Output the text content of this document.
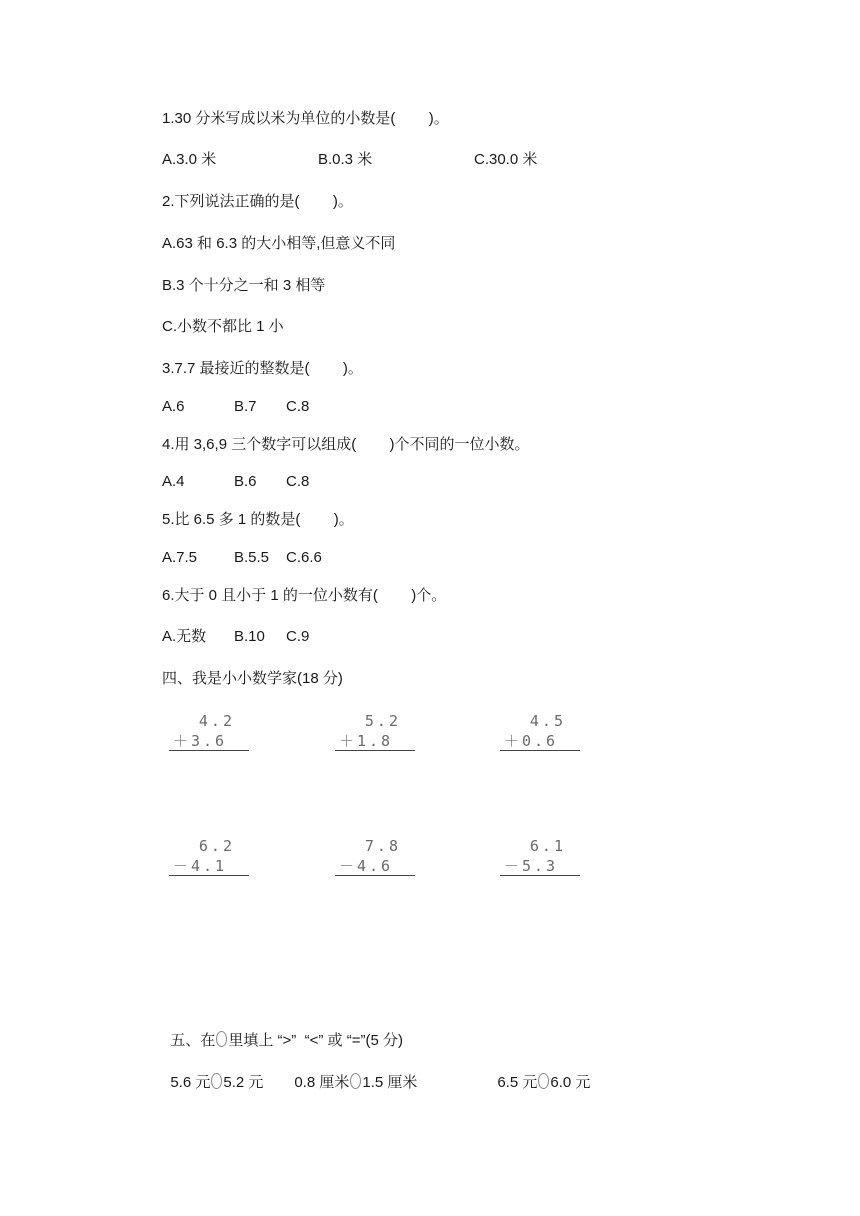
1.30 分米写成以米为单位的小数是(        )。
A.3.0 米	B.0.3 米	C.30.0 米
2.下列说法正确的是(        )。
A.63 和 6.3 的大小相等,但意义不同
B.3 个十分之一和 3 相等
C.小数不都比 1 小
3.7.7 最接近的整数是(        )。
A.6	B.7 C.8
4.用 3,6,9 三个数字可以组成(        )个不同的一位小数。
A.4	B.6 C.8
5.比 6.5 多 1 的数是(        )。
A.7.5 B.5.5 C.6.6
6.大于 0 且小于 1 的一位小数有(        )个。
A.无数 B.10 C.9
四、我是小小数学家(18 分)
4.2
＋3.6
5.2
＋1.8
4.5
＋0.6
6.2
－4.1
7.8
－4.6
6.1
－5.3

五、在 里填上 “>”  “<” 或 “=”(5 分)

5.6 元 5.2 元	0.8 厘米 1.5 厘米	6.5 元 6.0 元
